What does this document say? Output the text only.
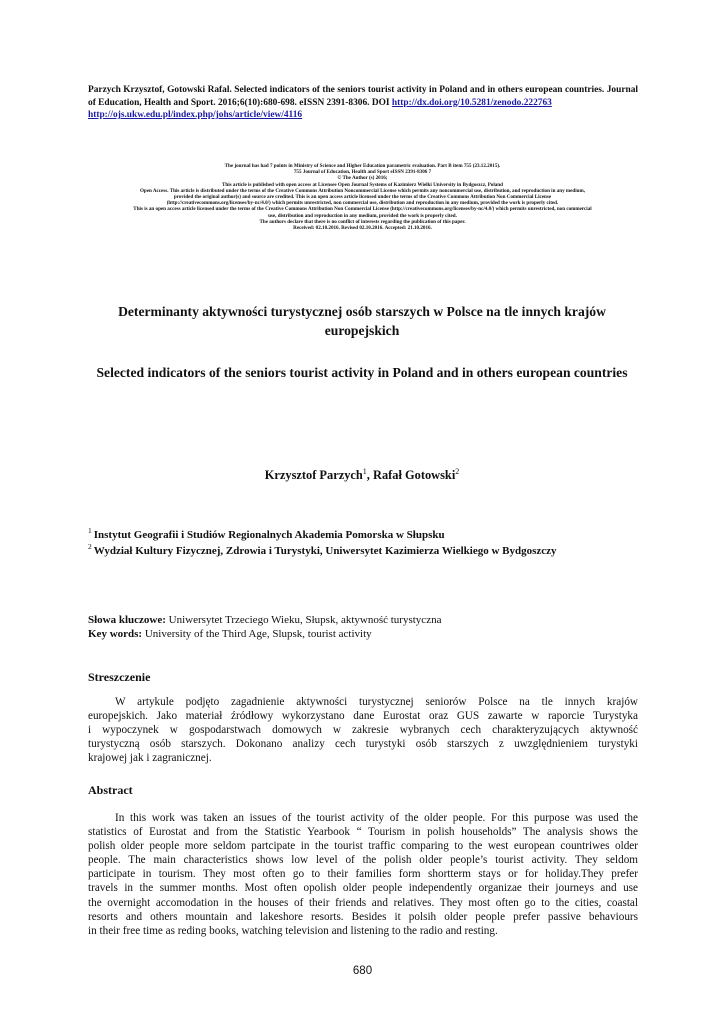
Parzych Krzysztof, Gotowski Rafal. Selected indicators of the seniors tourist activity in Poland and in others european countries. Journal of Education, Health and Sport. 2016;6(10):680-698. eISSN 2391-8306. DOI http://dx.doi.org/10.5281/zenodo.222763
http://ojs.ukw.edu.pl/index.php/johs/article/view/4116
The journal has had 7 points in Ministry of Science and Higher Education parametric evaluation. Part B item 755 (23.12.2015).
755 Journal of Education, Health and Sport eISSN 2391-8306 7
© The Author (s) 2016;
This article is published with open access at Licensee Open Journal Systems of Kazimierz Wielki University in Bydgoszcz, Poland
Open Access. This article is distributed under the terms of the Creative Commons Attribution Noncommercial License which permits any noncommercial use, distribution, and reproduction in any medium,
provided the original author(s) and source are credited. This is an open access article licensed under the terms of the Creative Commons Attribution Non Commercial License
(http://creativecommons.org/licenses/by-nc/4.0/) which permits unrestricted, non commercial use, distribution and reproduction in any medium, provided the work is properly cited.
This is an open access article licensed under the terms of the Creative Commons Attribution Non Commercial License (http://creativecommons.org/licenses/by-nc/4.0/) which permits unrestricted, non commercial
use, distribution and reproduction in any medium, provided the work is properly cited.
The authors declare that there is no conflict of interests regarding the publication of this paper.
Received: 02.10.2016. Revised 02.10.2016. Accepted: 21.10.2016.
Determinanty aktywności turystycznej osób starszych w Polsce na tle innych krajów europejskich
Selected indicators of the seniors tourist activity in Poland and in others european countries
Krzysztof Parzych$^1$, Rafał Gotowski$^2$
$^1$ Instytut Geografii i Studiów Regionalnych Akademia Pomorska w Słupsku
$^2$ Wydział Kultury Fizycznej, Zdrowia i Turystyki, Uniwersytet Kazimierza Wielkiego w Bydgoszczy
Słowa kluczowe: Uniwersytet Trzeciego Wieku, Słupsk, aktywność turystyczna
Key words: University of the Third Age, Slupsk, tourist activity
Streszczenie
W artykule podjęto zagadnienie aktywności turystycznej seniorów Polsce na tle innych krajów
europejskich. Jako materiał źródłowy wykorzystano dane Eurostat oraz GUS zawarte w raporcie Turystyka
i wypoczynek w gospodarstwach domowych w zakresie wybranych cech charakteryzujących aktywność
turystyczną osób starszych. Dokonano analizy cech turystyki osób starszych z uwzględnieniem turystyki
krajowej jak i zagranicznej.
Abstract
In this work was taken an issues of the tourist activity of the older people. For this purpose was used the
statistics of Eurostat and from the Statistic Yearbook “ Tourism in polish households” The analysis shows the
polish older people more seldom partcipate in the tourist traffic comparing to the west european countriwes older
people. The main characteristics shows low level of the polish older people’s tourist activity. They seldom
participate in tourism. They most often go to their families form shortterm stays or for holiday.They prefer
travels in the summer months. Most often opolish older people independently organizae their journeys and use
the overnight accomodation in the houses of their friends and relatives. They most often go to the cities, coastal
resorts and others mountain and lakeshore resorts. Besides it polsih older people prefer passive behaviours
in their free time as reding books, watching television and listening to the radio and resting.
680
